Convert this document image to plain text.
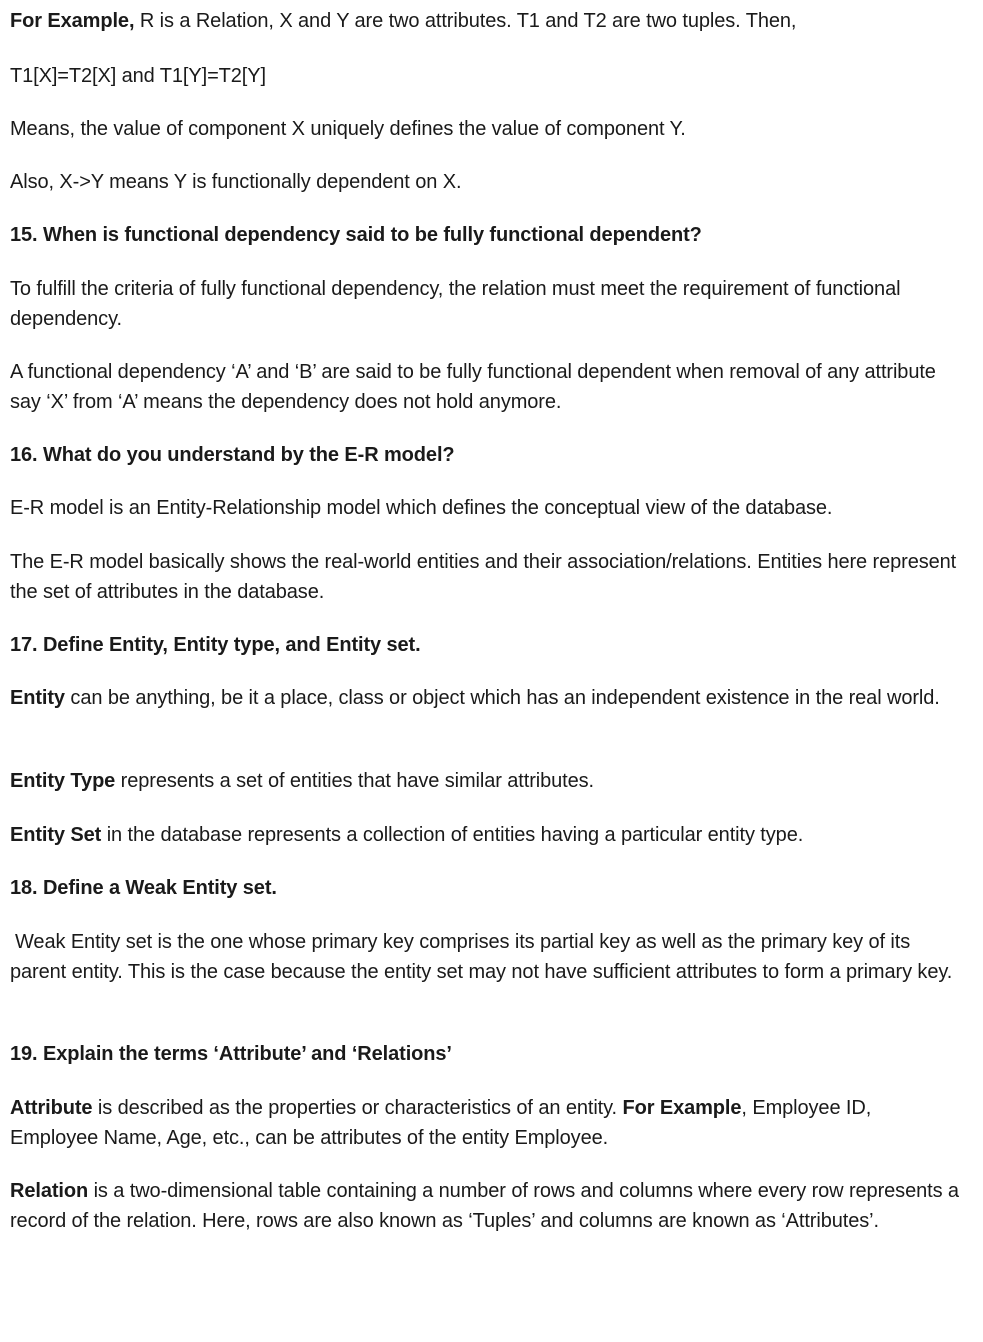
For Example, R is a Relation, X and Y are two attributes. T1 and T2 are two tuples. Then,

T1[X]=T2[X] and T1[Y]=T2[Y]

Means, the value of component X uniquely defines the value of component Y.

Also, X->Y means Y is functionally dependent on X.

15. When is functional dependency said to be fully functional dependent?

To fulfill the criteria of fully functional dependency, the relation must meet the requirement of functional dependency.

A functional dependency ‘A’ and ‘B’ are said to be fully functional dependent when removal of any attribute say ‘X’ from ‘A’ means the dependency does not hold anymore.

16. What do you understand by the E-R model?

E-R model is an Entity-Relationship model which defines the conceptual view of the database.

The E-R model basically shows the real-world entities and their association/relations. Entities here represent the set of attributes in the database.

17. Define Entity, Entity type, and Entity set.

Entity can be anything, be it a place, class or object which has an independent existence in the real world.

Entity Type represents a set of entities that have similar attributes.

Entity Set in the database represents a collection of entities having a particular entity type.

18. Define a Weak Entity set.

Weak Entity set is the one whose primary key comprises its partial key as well as the primary key of its parent entity. This is the case because the entity set may not have sufficient attributes to form a primary key.

19. Explain the terms ‘Attribute’ and ‘Relations’

Attribute is described as the properties or characteristics of an entity. For Example, Employee ID, Employee Name, Age, etc., can be attributes of the entity Employee.

Relation is a two-dimensional table containing a number of rows and columns where every row represents a record of the relation. Here, rows are also known as ‘Tuples’ and columns are known as ‘Attributes’.
